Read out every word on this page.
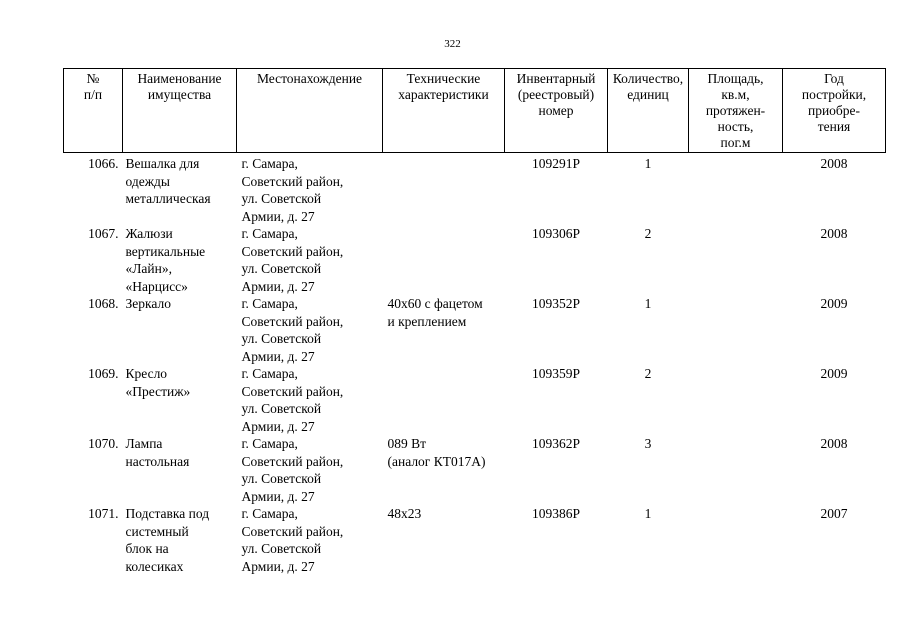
322
№
п/п	Наименование
имущества	Местонахождение	Технические
характеристики	Инвентарный
(реестровый)
номер	Количество,
единиц	Площадь,
кв.м,
протяжен-
ность,
пог.м	Год
постройки,
приобре-
тения

1066.	Вешалка для
одежды
металлическая	г. Самара,
Советский район,
ул. Советской
Армии, д. 27		109291Р	1		2008
1067.	Жалюзи
вертикальные
«Лайн»,
«Нарцисс»	г. Самара,
Советский район,
ул. Советской
Армии, д. 27		109306Р	2		2008
1068.	Зеркало	г. Самара,
Советский район,
ул. Советской
Армии, д. 27	40х60 с фацетом
и креплением	109352Р	1		2009
1069.	Кресло
«Престиж»	г. Самара,
Советский район,
ул. Советской
Армии, д. 27		109359Р	2		2009
1070.	Лампа
настольная	г. Самара,
Советский район,
ул. Советской
Армии, д. 27	089 Вт
(аналог КТ017А)	109362Р	3		2008
1071.	Подставка под
системный
блок на
колесиках	г. Самара,
Советский район,
ул. Советской
Армии, д. 27	48х23	109386Р	1		2007
